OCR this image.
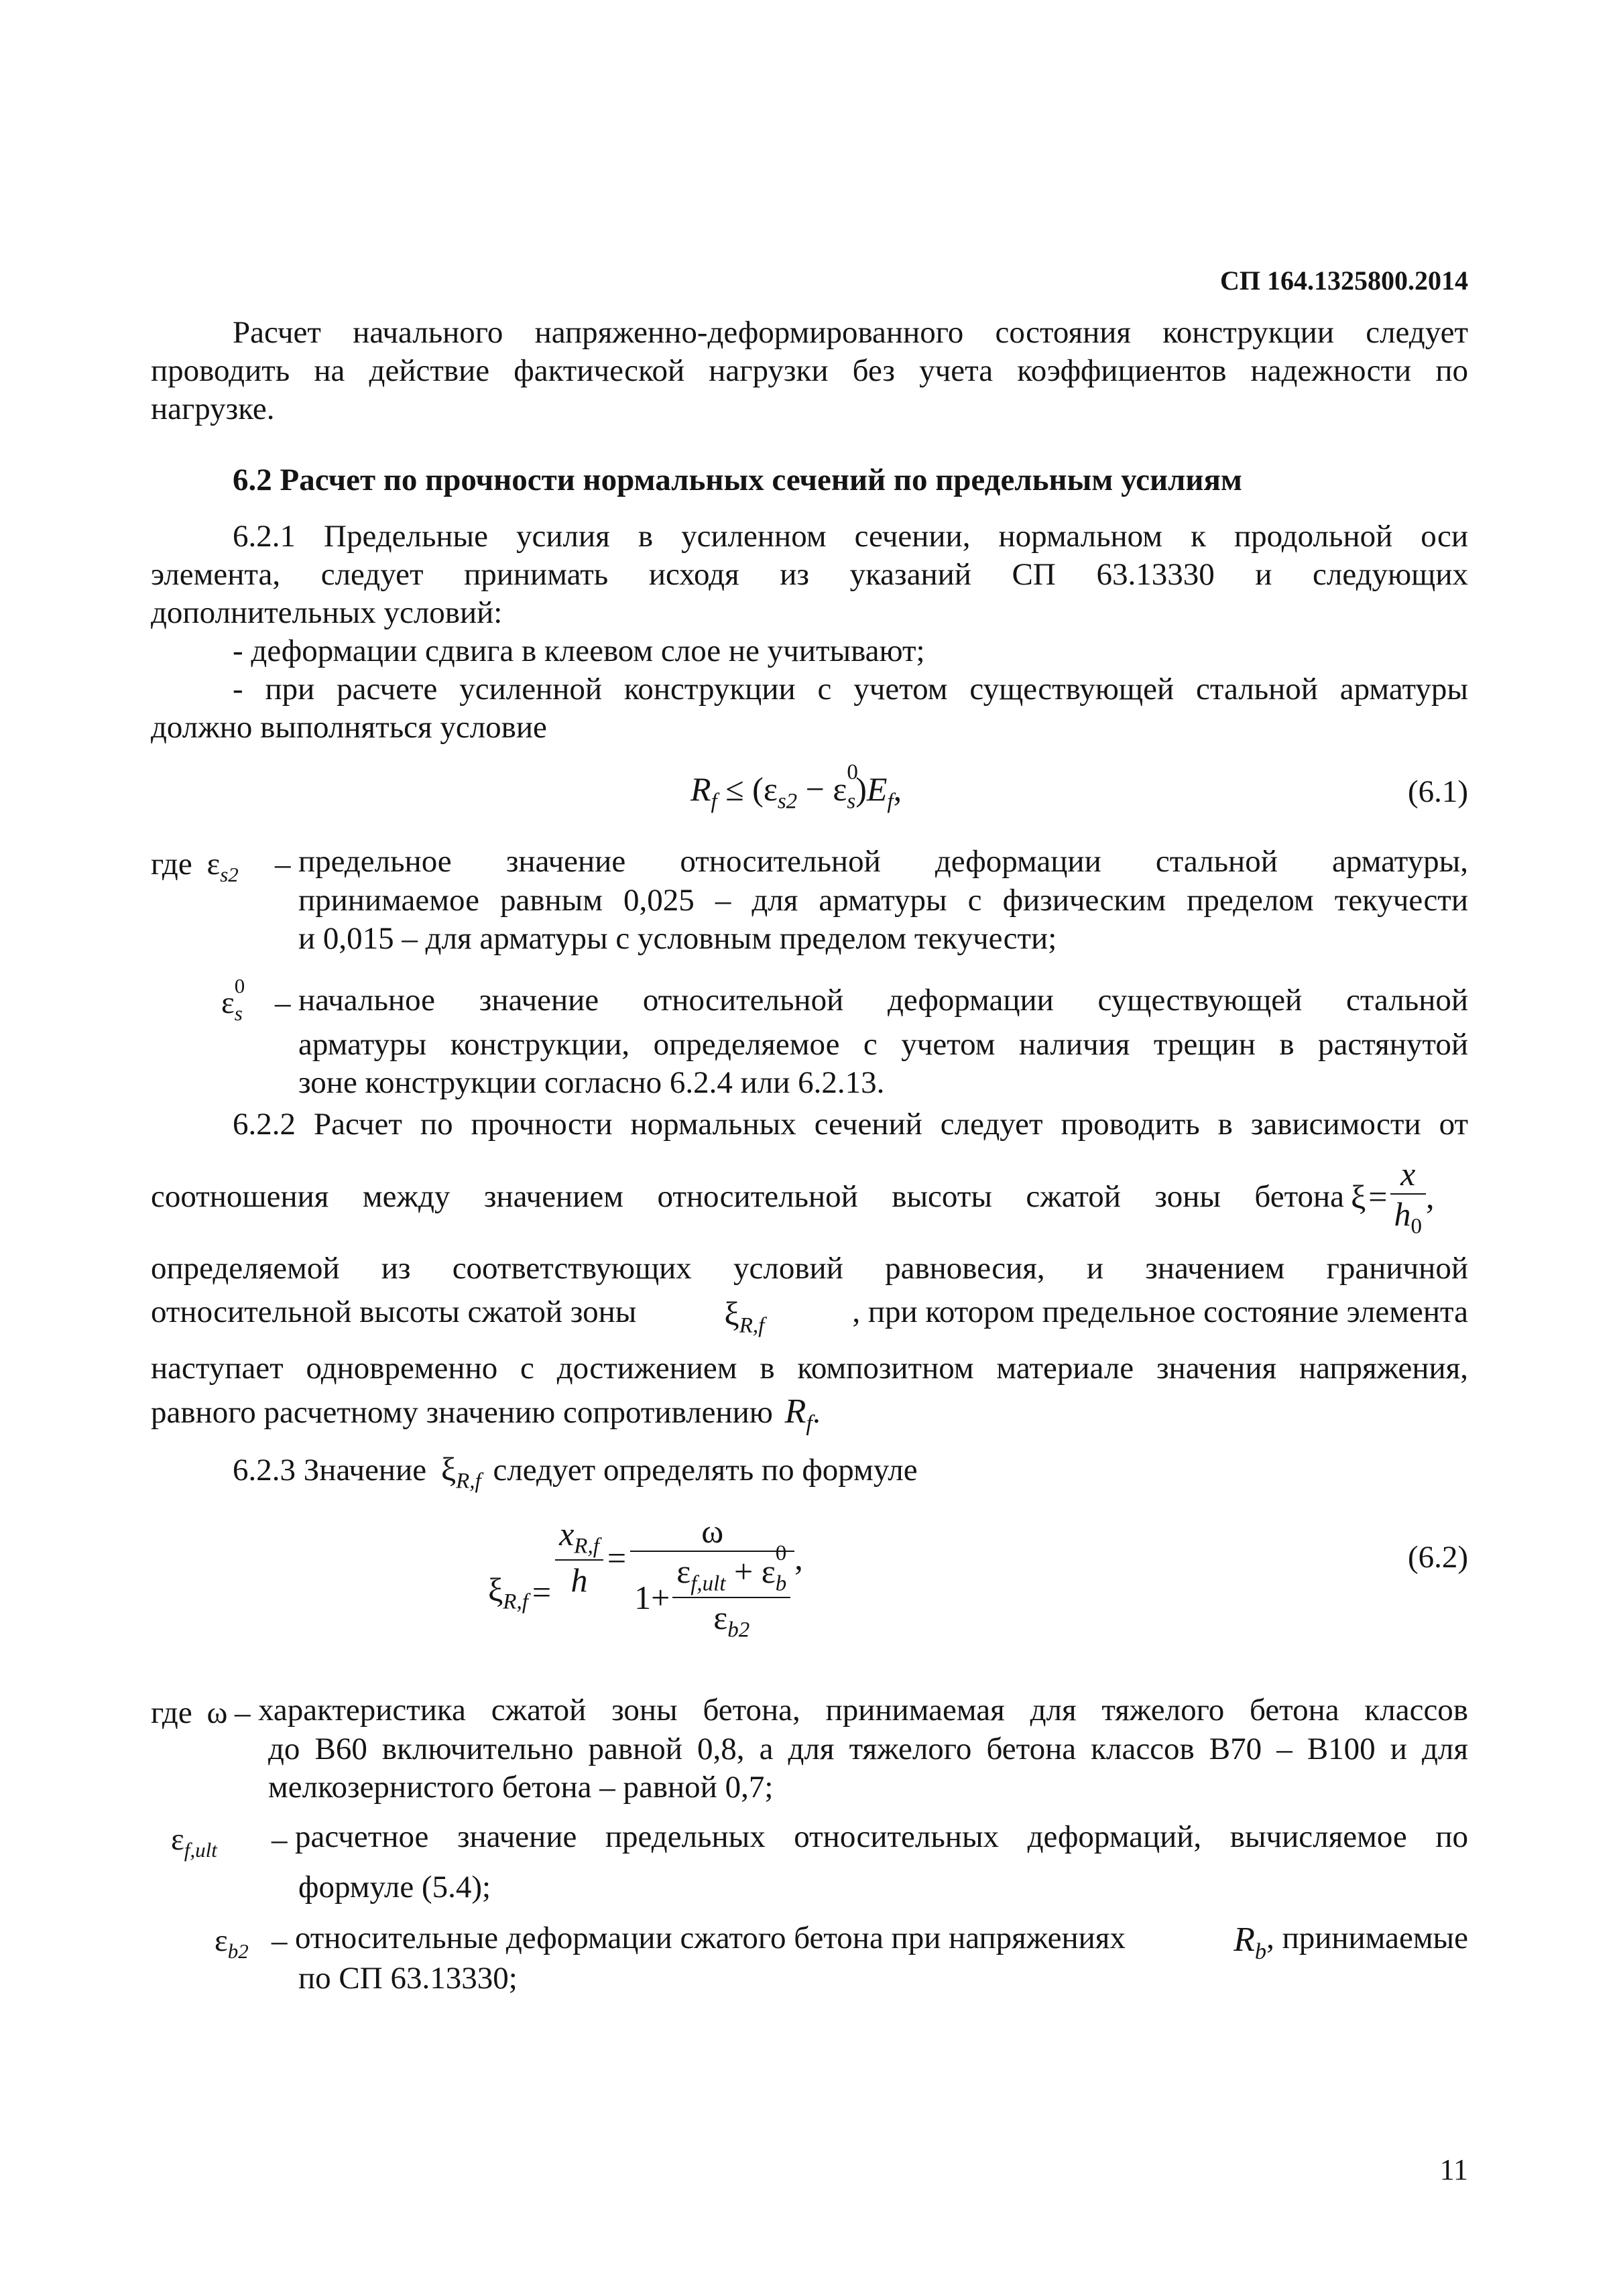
СП 164.1325800.2014
Расчет начального напряженно-деформированного состояния конструкции следует
проводить на действие фактической нагрузки без учета коэффициентов надежности по
нагрузке.
6.2 Расчет по прочности нормальных сечений по предельным усилиям
6.2.1 Предельные усилия в усиленном сечении, нормальном к продольной оси
элемента, следует принимать исходя из указаний СП 63.13330 и следующих
дополнительных условий:
- деформации сдвига в клеевом слое не учитывают;
- при расчете усиленной конструкции с учетом существующей стальной арматуры
должно выполняться условие
$R_f \le (\varepsilon_{s2} - \varepsilon$ 0
$_s)E_f$,	(6.1)
где $\varepsilon_{s2}$ – предельное значение относительной деформации стальной арматуры,
принимаемое равным 0,025 – для арматуры с физическим пределом текучести
и 0,015 – для арматуры с условным пределом текучести;
ε 0
$_s$ – начальное значение относительной деформации существующей стальной
арматуры конструкции, определяемое с учетом наличия трещин в растянутой
зоне конструкции согласно 6.2.4 или 6.2.13.
6.2.2 Расчет по прочности нормальных сечений следует проводить в зависимости от
соотношения между значением относительной высоты сжатой зоны бетона $\xi = \frac{x}{h_0}$ ,
определяемой из соответствующих условий равновесия, и значением граничной
относительной высоты сжатой зоны	$\xi_{R,f}$	, при котором предельное состояние элемента
наступает одновременно с достижением в композитном материале значения напряжения,
равного расчетному значению сопротивлению $R_f$.
6.2.3 Значение $\xi_{R,f}$ следует определять по формуле
$\xi_{R,f} = \frac{x_{R,f}}{h} = \omega$
$1+ \varepsilon_{f,ult} + \varepsilon$ 0
$_b$
$\varepsilon_{b2}$ ,	(6.2)
где ω – характеристика сжатой зоны бетона, принимаемая для тяжелого бетона классов
до В60 включительно равной 0,8, а для тяжелого бетона классов В70 – В100 и для
мелкозернистого бетона – равной 0,7;
$\varepsilon_{f,ult}$ – расчетное значение предельных относительных деформаций, вычисляемое по
формуле (5.4);
$\varepsilon_{b2}$ – относительные деформации сжатого бетона при напряжениях	$R_b$ , принимаемые
по СП 63.13330;
11
